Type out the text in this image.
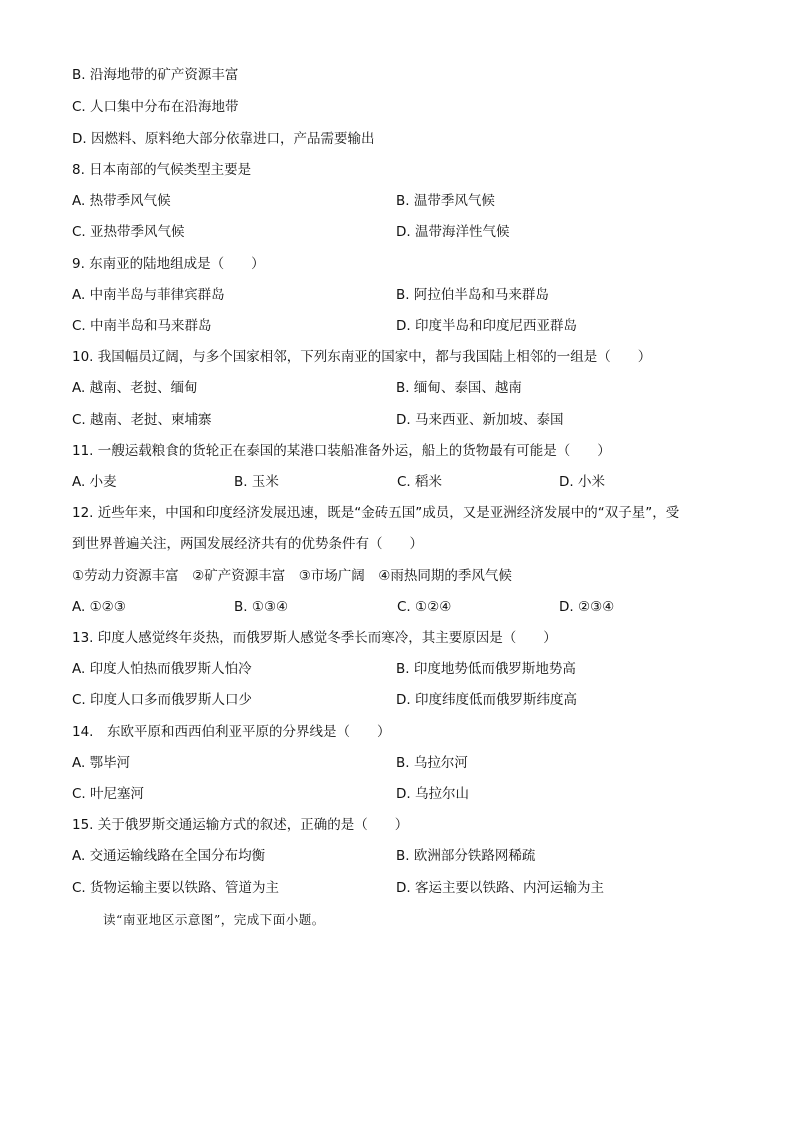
B. 沿海地带的矿产资源丰富
C. 人口集中分布在沿海地带
D. 因燃料、原料绝大部分依靠进口，产品需要输出
8. 日本南部的气候类型主要是
A. 热带季风气候	B. 温带季风气候
C. 亚热带季风气候	D. 温带海洋性气候
9. 东南亚的陆地组成是（　　）
A. 中南半岛与菲律宾群岛	B. 阿拉伯半岛和马来群岛
C. 中南半岛和马来群岛	D. 印度半岛和印度尼西亚群岛
10. 我国幅员辽阔，与多个国家相邻，下列东南亚的国家中，都与我国陆上相邻的一组是（　　）
A. 越南、老挝、缅甸	B. 缅甸、泰国、越南
C. 越南、老挝、柬埔寨	D. 马来西亚、新加坡、泰国
11. 一艘运载粮食的货轮正在泰国的某港口装船准备外运，船上的货物最有可能是（　　）
A. 小麦	B. 玉米	C. 稻米	D. 小米
12. 近些年来，中国和印度经济发展迅速，既是“金砖五国”成员，又是亚洲经济发展中的“双子星”，受
到世界普遍关注，两国发展经济共有的优势条件有（　　）
①劳动力资源丰富　②矿产资源丰富　③市场广阔　④雨热同期的季风气候
A. ①②③	B. ①③④	C. ①②④	D. ②③④
13. 印度人感觉终年炎热，而俄罗斯人感觉冬季长而寒冷，其主要原因是（　　）
A. 印度人怕热而俄罗斯人怕冷	B. 印度地势低而俄罗斯地势高
C. 印度人口多而俄罗斯人口少	D. 印度纬度低而俄罗斯纬度高
14.　东欧平原和西西伯利亚平原的分界线是（　　）
A. 鄂毕河	B. 乌拉尔河
C. 叶尼塞河	D. 乌拉尔山
15. 关于俄罗斯交通运输方式的叙述，正确的是（　　）
A. 交通运输线路在全国分布均衡	B. 欧洲部分铁路网稀疏
C. 货物运输主要以铁路、管道为主	D. 客运主要以铁路、内河运输为主
读“南亚地区示意图”，完成下面小题。
